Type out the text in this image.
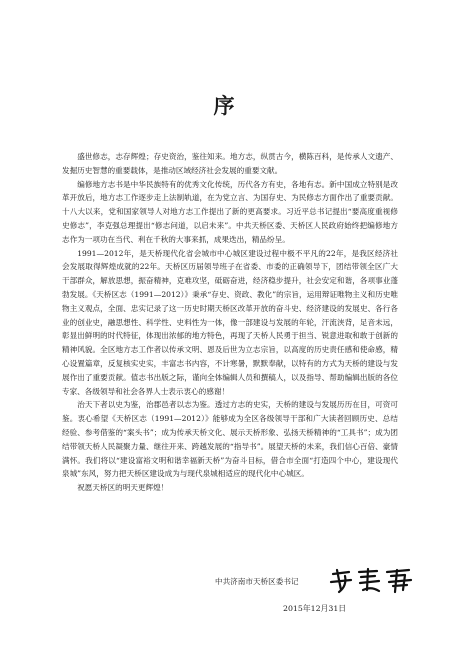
序

盛世修志，志存辉煌；存史资治，鉴往知来。地方志，纵贯古今，横陈百科，是传承人文遗产、发掘历史智慧的重要载体，是推动区域经济社会发展的重要文献。

编修地方志书是中华民族特有的优秀文化传统，历代各方有史，各地有志。新中国成立特别是改革开放后，地方志工作逐步走上法制轨道，在为党立言、为国存史、为民修志方面作出了重要贡献。十八大以来，党和国家领导人对地方志工作提出了新的更高要求。习近平总书记提出“要高度重视修史修志”，李克强总理提出“修志问道，以启未来”。中共天桥区委、天桥区人民政府始终把编修地方志作为一项功在当代、利在千秋的大事来抓，成果迭出，精品纷呈。

1991—2012年，是天桥现代化省会城市中心城区建设过程中极不平凡的22年，是我区经济社会发展取得辉煌成就的22年。天桥区历届领导班子在省委、市委的正确领导下，团结带领全区广大干部群众，解放思想，振奋精神，克难攻坚，砥砺奋进，经济稳步提升，社会安定和谐，各项事业蓬勃发展。《天桥区志（1991—2012）》秉承“存史、资政、教化”的宗旨，运用辩证唯物主义和历史唯物主义观点，全面、忠实记录了这一历史时期天桥区改革开放的奋斗史、经济建设的发展史、各行各业的创业史，融思想性、科学性、史料性为一体，像一部建设与发展的年轮，汗流浃背，足音未远，彰显出鲜明的时代特征，体现出浓郁的地方特色，再现了天桥人民勇于担当、锐意进取和敢于创新的精神风貌。全区地方志工作者以传承文明、恩及后世为立志宗旨，以高度的历史责任感和使命感，精心设置篇章，反复核实史实，丰富志书内容，不计寒暑，默默奉献，以特有的方式为天桥的建设与发展作出了重要贡献。值志书出版之际，谨向全体编辑人员和撰稿人，以及指导、帮助编辑出版的各位专家、各级领导和社会各界人士表示衷心的感谢！

治天下者以史为鉴，治郡邑者以志为鉴。透过方志的史实，天桥的建设与发展历历在目，可资可鉴。衷心希望《天桥区志（1991—2012）》能够成为全区各级领导干部和广大读者回顾历史、总结经验、参考借鉴的“案头书”；成为传承天桥文化、展示天桥形象、弘扬天桥精神的“工具书”；成为团结带领天桥人民凝聚力量、继往开来、跨越发展的“指导书”。展望天桥的未来，我们信心百倍、豪情满怀。我们将以“建设富裕文明和谐幸福新天桥”为奋斗目标，借合市全面“打造四个中心，建设现代泉城”东风，努力把天桥区建设成为与现代泉城相适应的现代化中心城区。

祝愿天桥区的明天更辉煌！

中共济南市天桥区委书记
2015年12月31日
